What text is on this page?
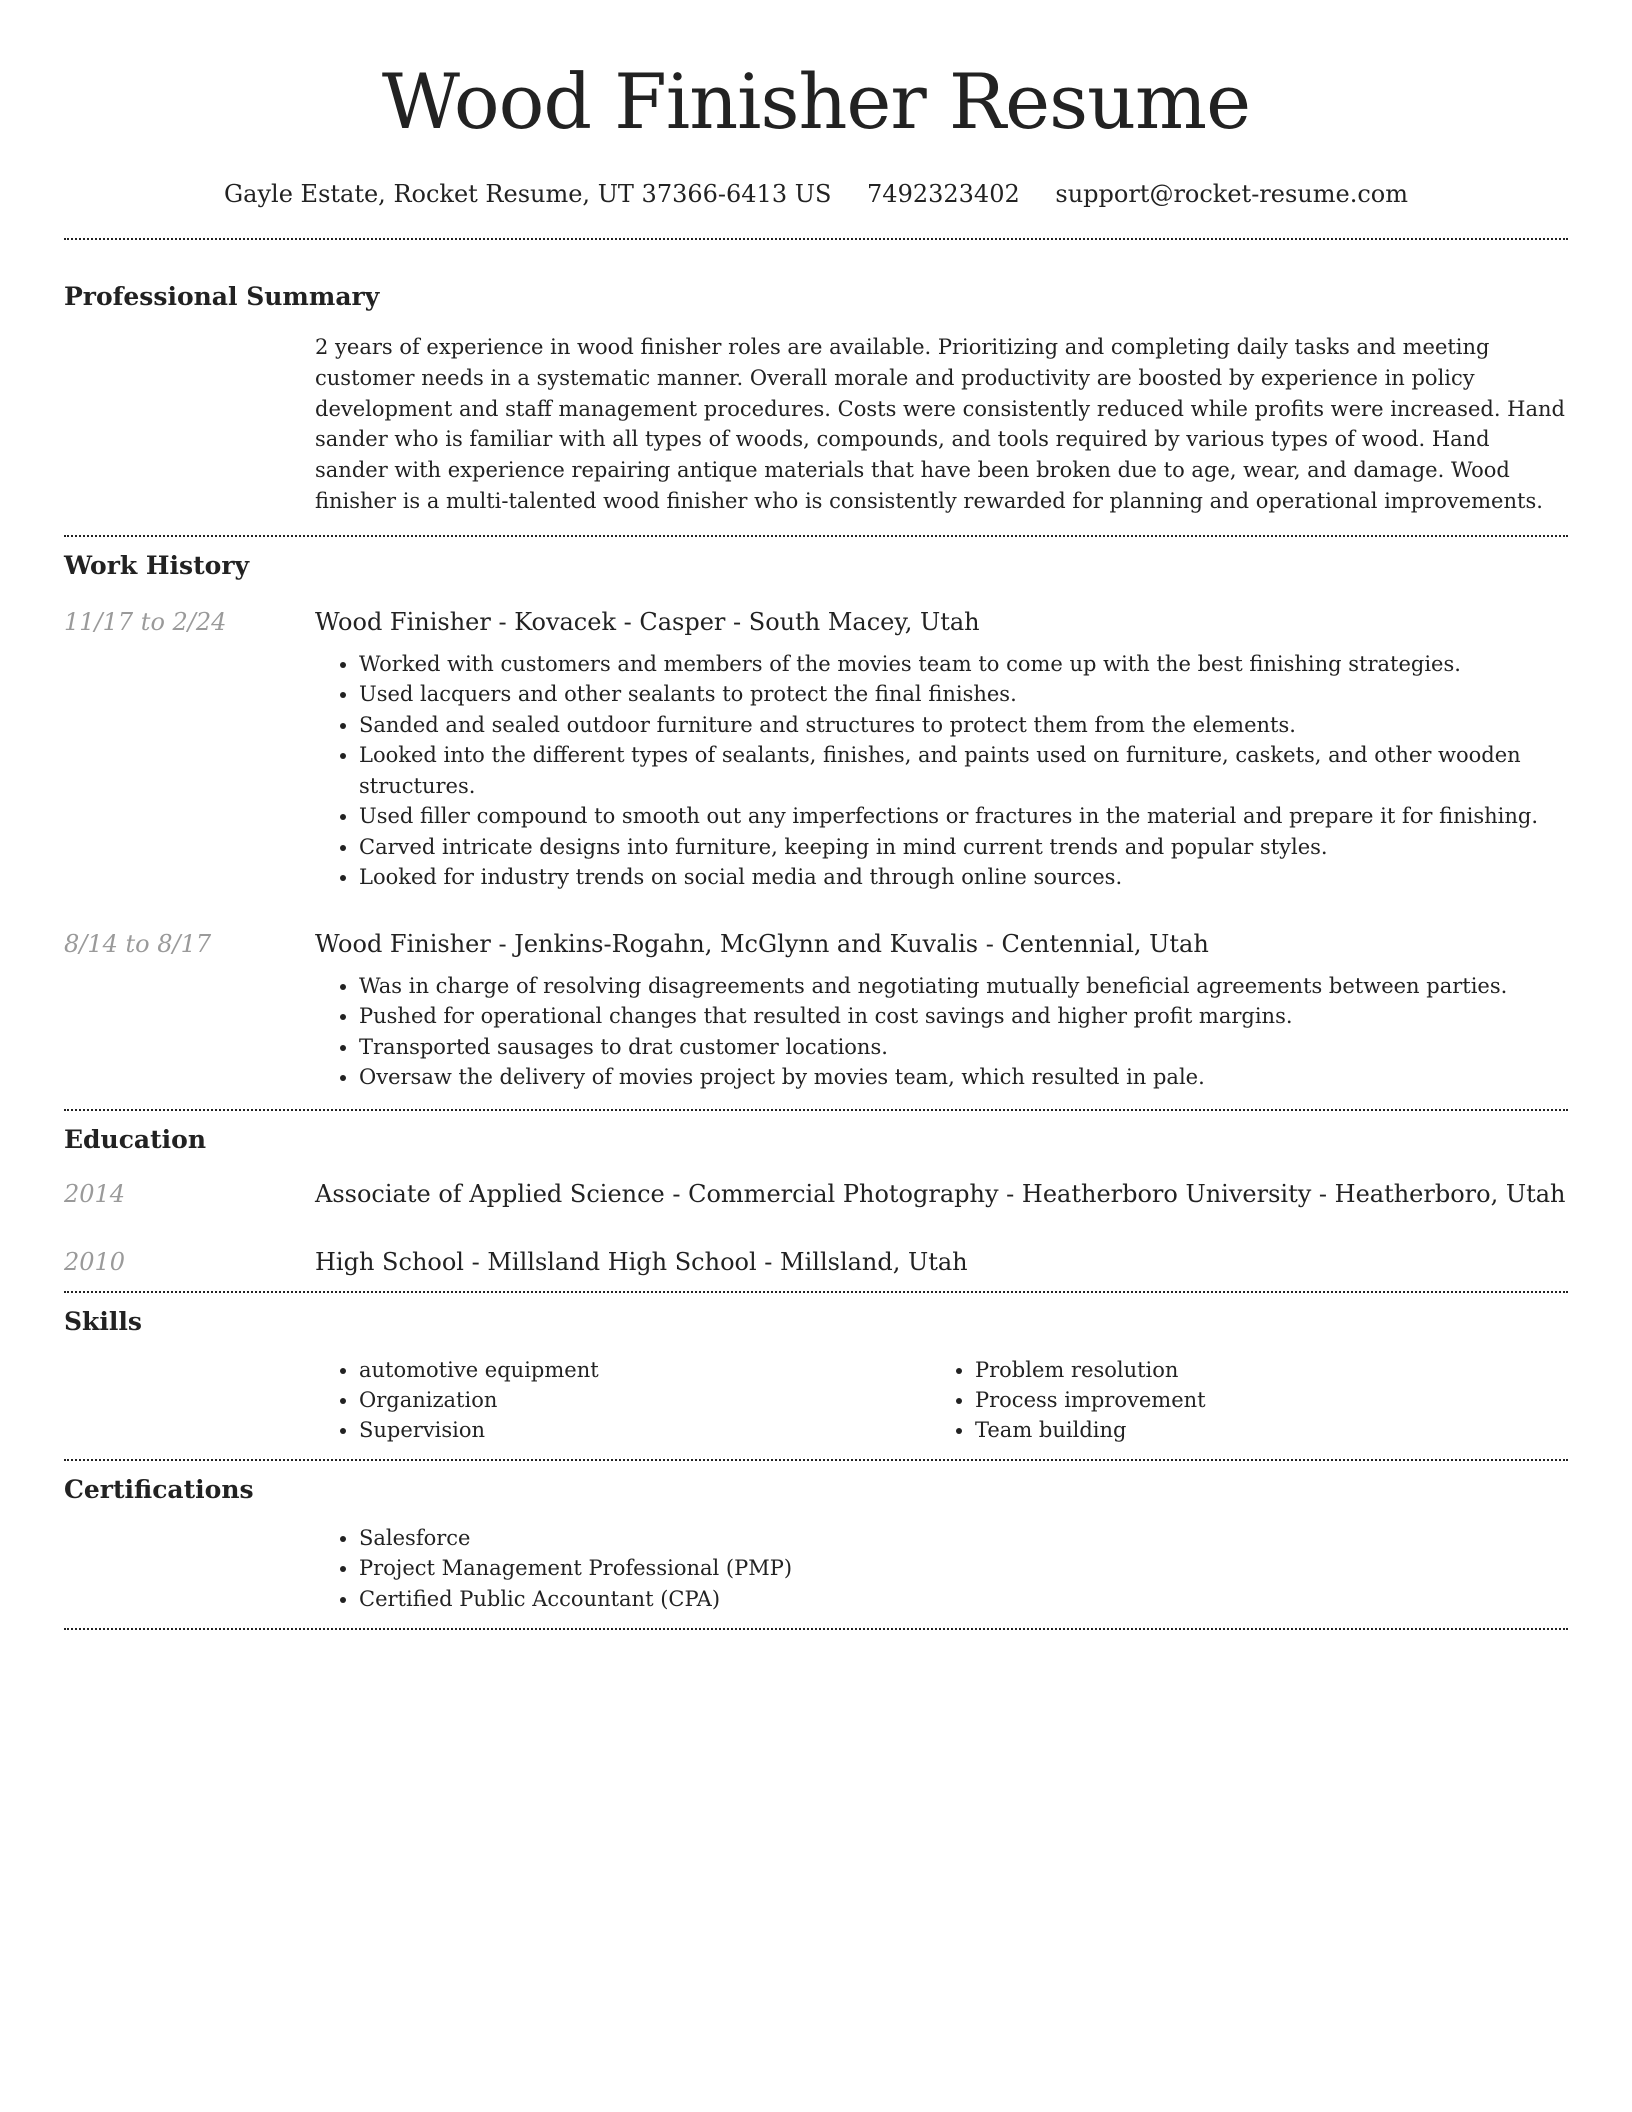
Wood Finisher Resume
Gayle Estate, Rocket Resume, UT 37366-6413 US 7492323402 support@rocket-resume.com
Professional Summary
2 years of experience in wood finisher roles are available. Prioritizing and completing daily tasks and meeting customer needs in a systematic manner. Overall morale and productivity are boosted by experience in policy development and staff management procedures. Costs were consistently reduced while profits were increased. Hand sander who is familiar with all types of woods, compounds, and tools required by various types of wood. Hand sander with experience repairing antique materials that have been broken due to age, wear, and damage. Wood finisher is a multi-talented wood finisher who is consistently rewarded for planning and operational improvements.
Work History
11/17 to 2/24	Wood Finisher - Kovacek - Casper - South Macey, Utah
• Worked with customers and members of the movies team to come up with the best finishing strategies.
• Used lacquers and other sealants to protect the final finishes.
• Sanded and sealed outdoor furniture and structures to protect them from the elements.
• Looked into the different types of sealants, finishes, and paints used on furniture, caskets, and other wooden structures.
• Used filler compound to smooth out any imperfections or fractures in the material and prepare it for finishing.
• Carved intricate designs into furniture, keeping in mind current trends and popular styles.
• Looked for industry trends on social media and through online sources.
8/14 to 8/17	Wood Finisher - Jenkins-Rogahn, McGlynn and Kuvalis - Centennial, Utah
• Was in charge of resolving disagreements and negotiating mutually beneficial agreements between parties.
• Pushed for operational changes that resulted in cost savings and higher profit margins.
• Transported sausages to drat customer locations.
• Oversaw the delivery of movies project by movies team, which resulted in pale.
Education
2014	Associate of Applied Science - Commercial Photography - Heatherboro University - Heatherboro, Utah
2010	High School - Millsland High School - Millsland, Utah
Skills
• automotive equipment
• Organization
• Supervision
• Problem resolution
• Process improvement
• Team building
Certifications
• Salesforce
• Project Management Professional (PMP)
• Certified Public Accountant (CPA)
